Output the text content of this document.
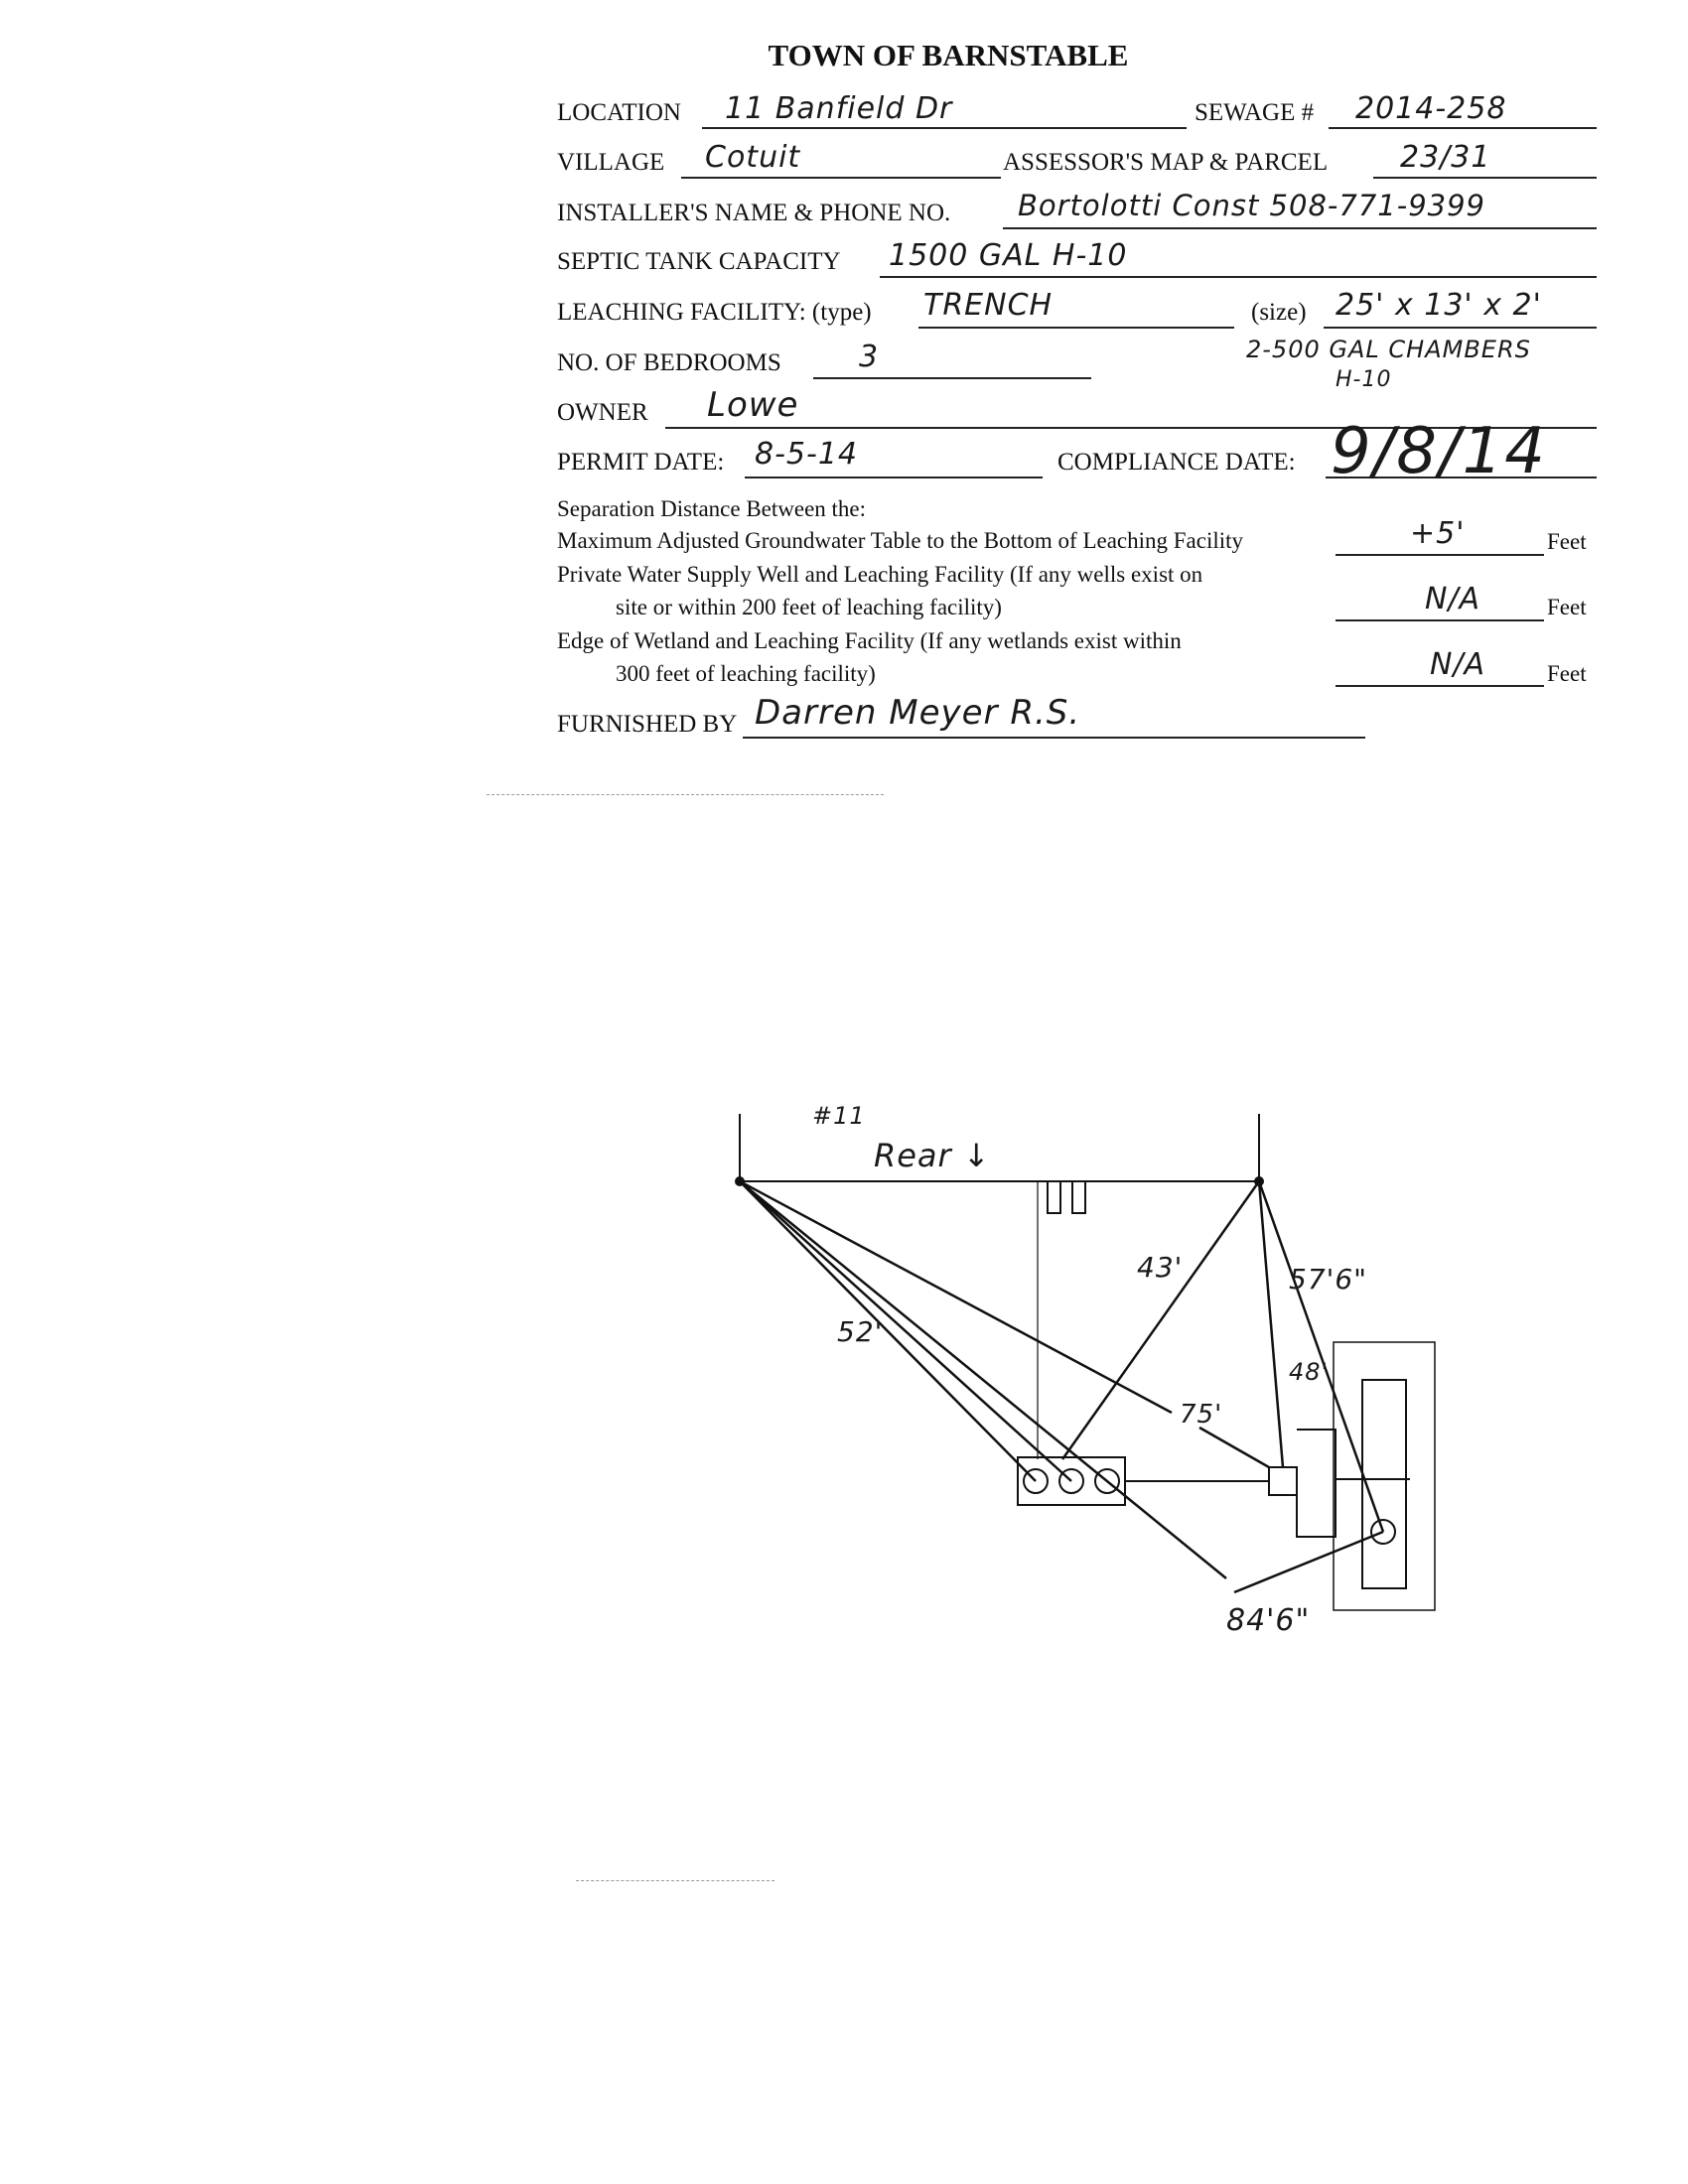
TOWN OF BARNSTABLE
LOCATION 11 Banfield Dr	SEWAGE # 2014-258
VILLAGE Cotuit	ASSESSOR'S MAP & PARCEL 23/31
INSTALLER'S NAME & PHONE NO. Bortolotti Const 508-771-9399
SEPTIC TANK CAPACITY 1500 GAL H-10
LEACHING FACILITY: (type) TRENCH	(size) 25' x 13' x 2'
NO. OF BEDROOMS	3	2-500 GAL CHAMBERS
H-10
OWNER Lowe
PERMIT DATE: 8-5-14	COMPLIANCE DATE: 9/8/14
Separation Distance Between the:
Maximum Adjusted Groundwater Table to the Bottom of Leaching Facility	+5'	Feet
Private Water Supply Well and Leaching Facility (If any wells exist on
site or within 200 feet of leaching facility)	N/A	Feet
Edge of Wetland and Leaching Facility (If any wetlands exist within
300 feet of leaching facility)	N/A	Feet
FURNISHED BY Darren Meyer R.S.
#11
Rear ↓
52'
43'	57'6"
48'
75'
84'6"
